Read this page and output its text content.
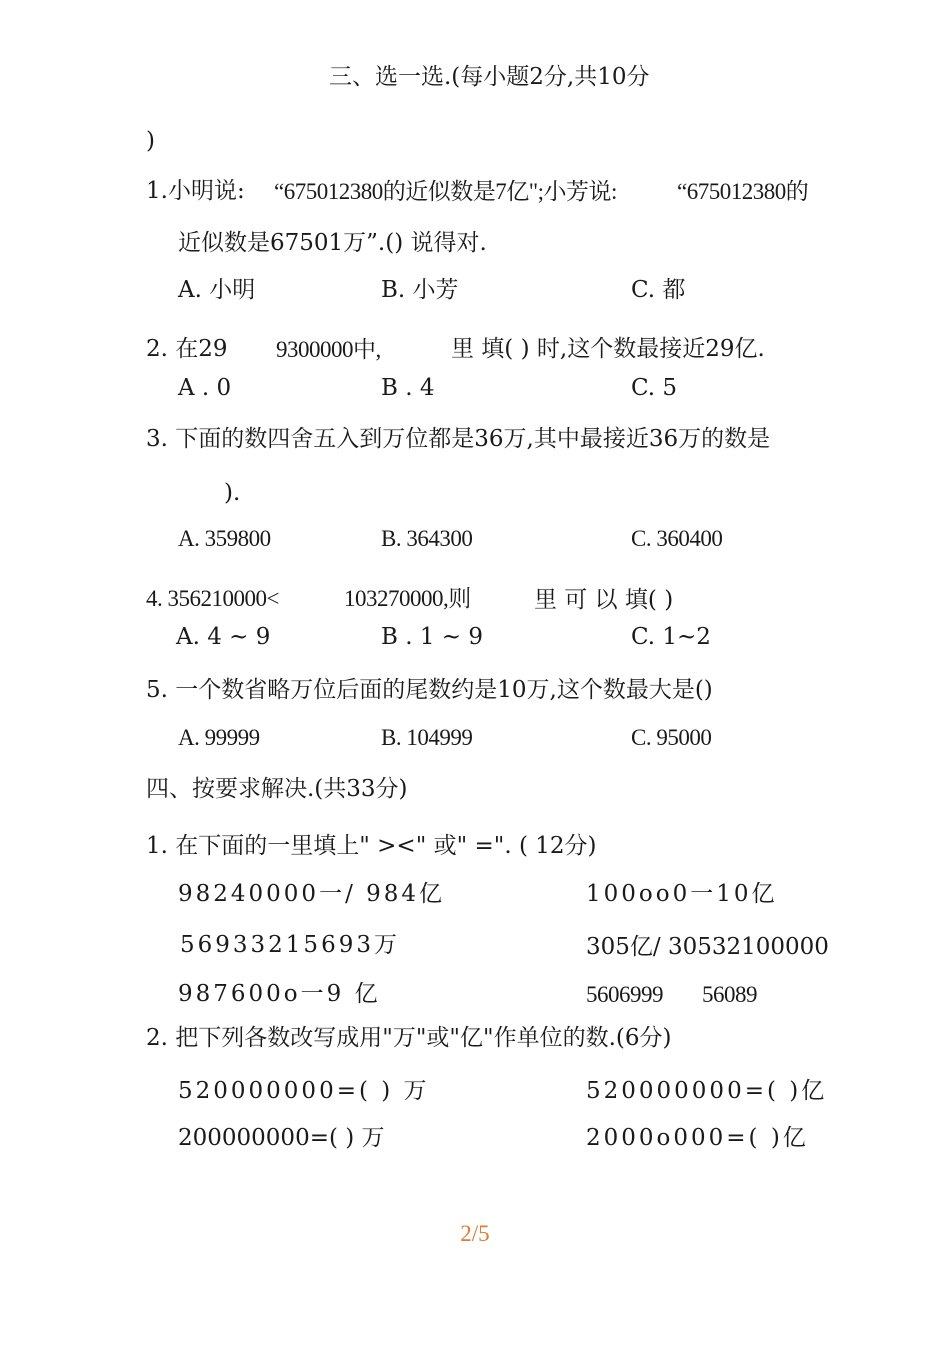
三、选一选.(每小题2分,共10分
)
1.小明说: “675012380的近似数是7亿";小芳说:	“675012380的
近似数是67501万”.() 说得对.
A. 小明	B. 小芳	C. 都
2. 在29 9300000中,	里 填( ) 时,这个数最接近29亿.
A . 0	B . 4	C. 5
3. 下面的数四舍五入到万位都是36万,其中最接近36万的数是
).
A. 359800	B. 364300	C. 360400
4. 356210000<	103270000,则	里 可 以 填( )
A. 4 ~ 9	B . 1 ~ 9	C. 1~2
5. 一个数省略万位后面的尾数约是10万,这个数最大是()
A. 99999	B. 104999	C. 95000
四、按要求解决.(共33分)
1. 在下面的一里填上" ><" 或" =". ( 12分)
98240000一/ 984亿	100oo0一10亿
56933215693万	305亿/ 30532100000
987600o一9 亿	5606999 56089
2. 把下列各数改写成用"万"或"亿"作单位的数.(6分)
520000000=( ) 万	520000000=( )亿
200000000=( ) 万	2000o000=( )亿
2/5
